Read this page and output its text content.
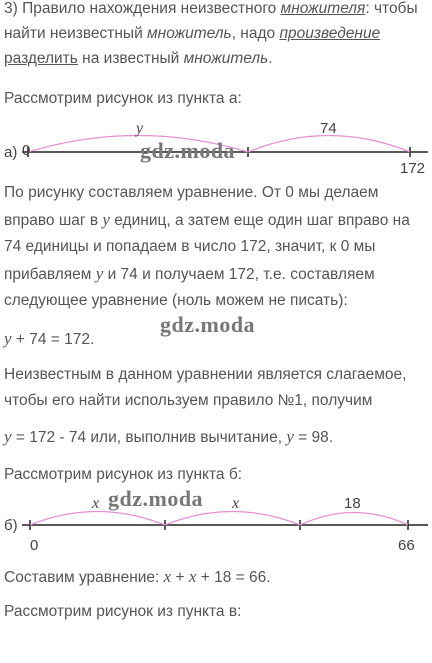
3) Правило нахождения неизвестного множителя: чтобы
найти неизвестный множитель, надо произведение
разделить на известный множитель.
Рассмотрим рисунок из пункта а:
а)
y	74
0
172
gdz.moda
По рисунку составляем уравнение. От 0 мы делаем
вправо шаг в y единиц, а затем еще один шаг вправо на
74 единицы и попадаем в число 172, значит, к 0 мы
прибавляем y и 74 и получаем 172, т.е. составляем
следующее уравнение (ноль можем не писать):
y + 74 = 172.
gdz.moda
Неизвестным в данном уравнении является слагаемое,
чтобы его найти используем правило №1, получим
y = 172 - 74 или, выполнив вычитание, y = 98.
Рассмотрим рисунок из пункта б:
б)
x	x	18
0	66
gdz.moda
Составим уравнение: x + x + 18 = 66.
Рассмотрим рисунок из пункта в:
